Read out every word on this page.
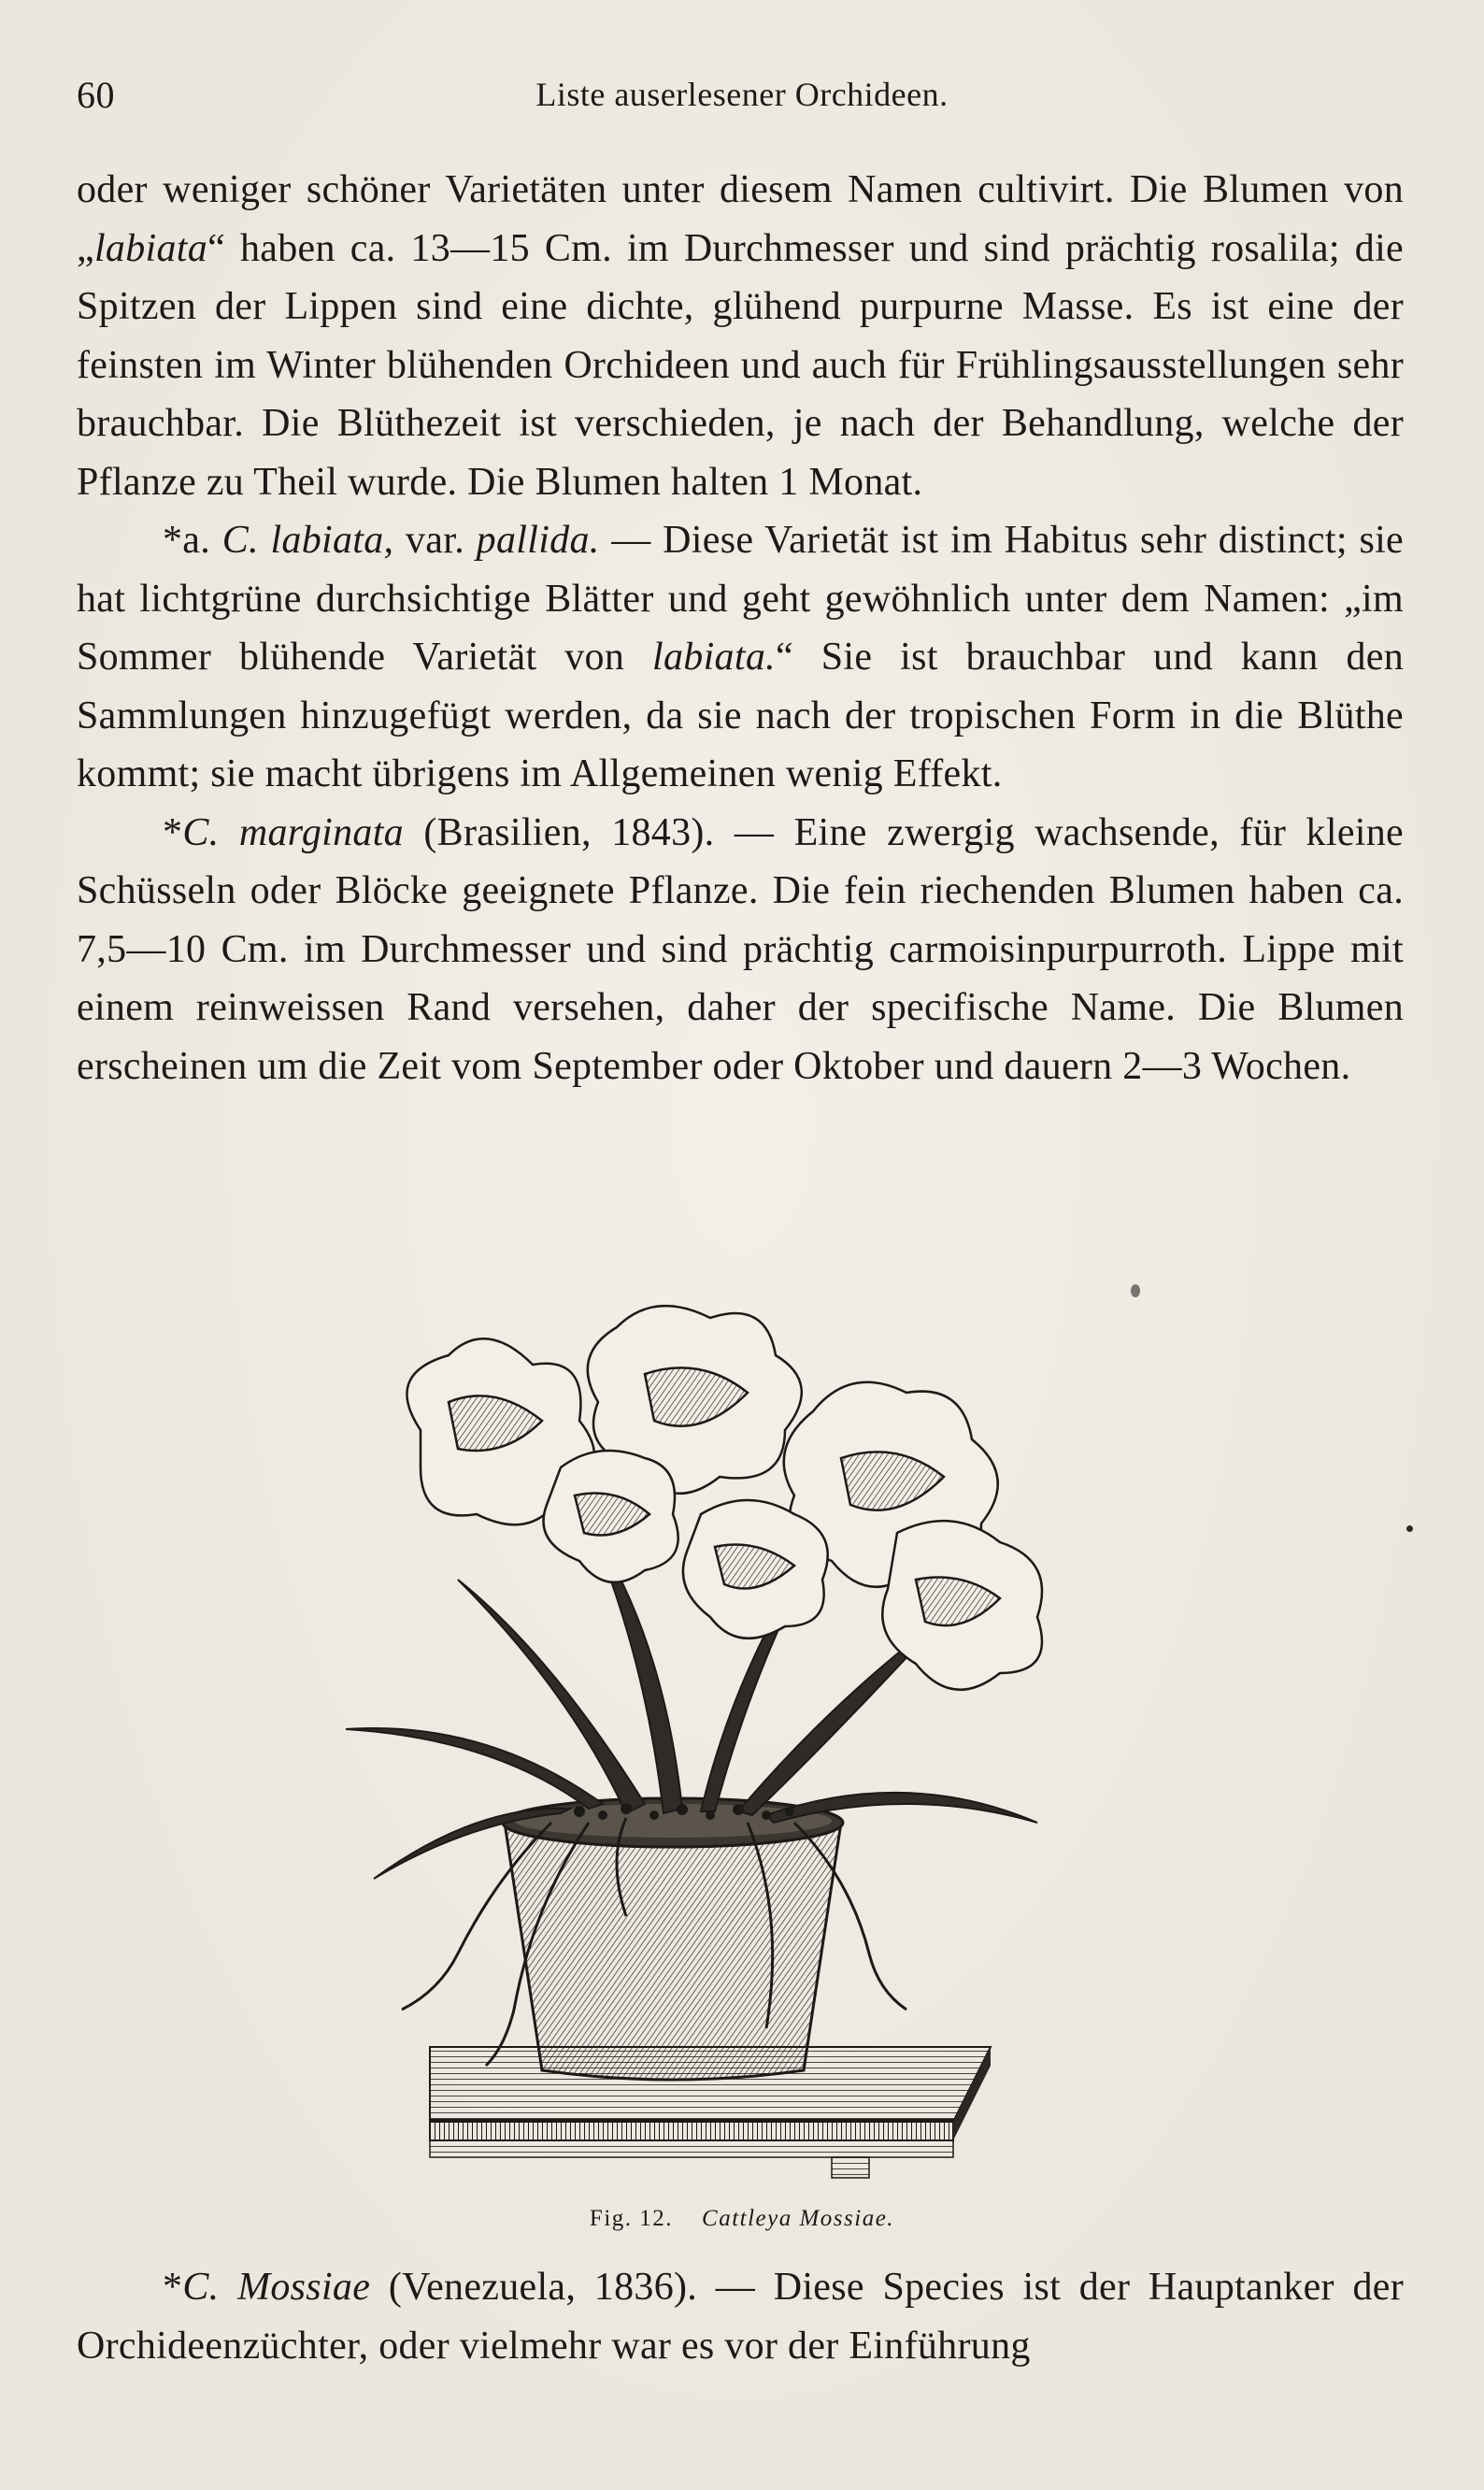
60	Liste auserlesener Orchideen.

oder weniger schöner Varietäten unter diesem Namen cultivirt. Die Blumen von „labiata“ haben ca. 13—15 Cm. im Durchmesser und sind prächtig rosalila; die Spitzen der Lippen sind eine dichte, glühend purpurne Masse. Es ist eine der feinsten im Winter blühenden Orchideen und auch für Frühlingsausstellungen sehr brauchbar. Die Blüthezeit ist verschieden, je nach der Behandlung, welche der Pflanze zu Theil wurde. Die Blumen halten 1 Monat.

*a. C. labiata, var. pallida. — Diese Varietät ist im Habitus sehr distinct; sie hat lichtgrüne durchsichtige Blätter und geht gewöhnlich unter dem Namen: „im Sommer blühende Varietät von labiata.“ Sie ist brauchbar und kann den Sammlungen hinzugefügt werden, da sie nach der tropischen Form in die Blüthe kommt; sie macht übrigens im Allgemeinen wenig Effekt.

*C. marginata (Brasilien, 1843). — Eine zwergig wachsende, für kleine Schüsseln oder Blöcke geeignete Pflanze. Die fein riechenden Blumen haben ca. 7,5—10 Cm. im Durchmesser und sind prächtig carmoisinpurpurroth. Lippe mit einem reinweissen Rand versehen, daher der specifische Name. Die Blumen erscheinen um die Zeit vom September oder Oktober und dauern 2—3 Wochen.

Fig. 12. Cattleya Mossiae.

*C. Mossiae (Venezuela, 1836). — Diese Species ist der Hauptanker der Orchideenzüchter, oder vielmehr war es vor der Einführung
